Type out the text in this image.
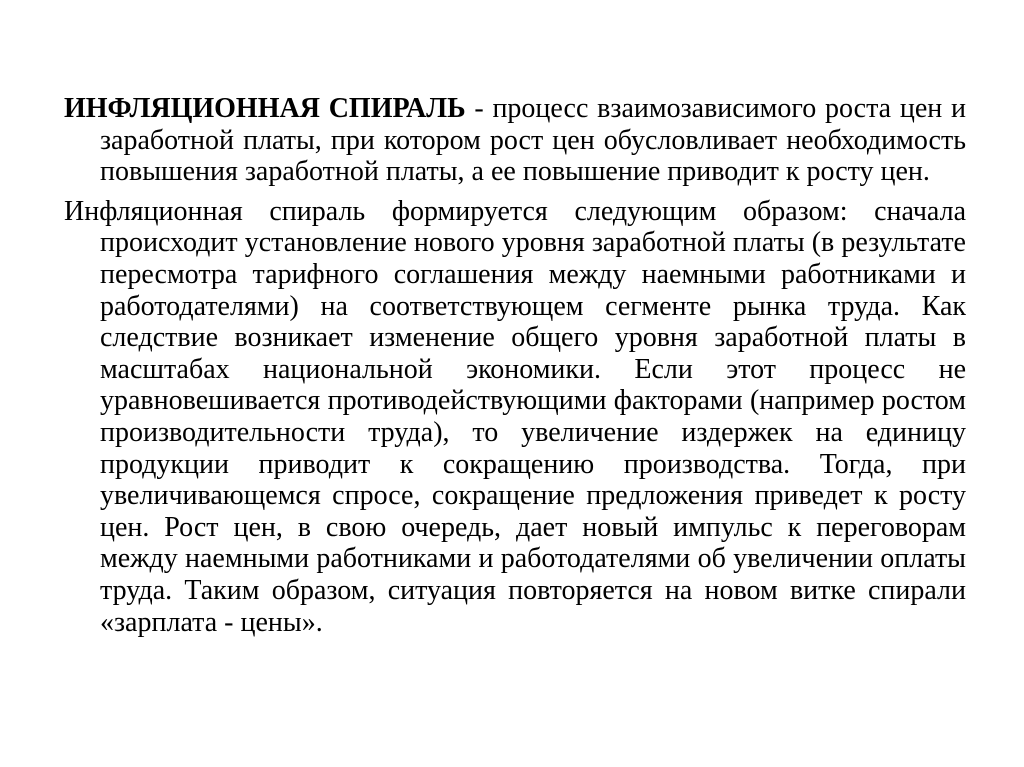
ИНФЛЯЦИОННАЯ СПИРАЛЬ - процесс взаимозависимого роста цен и заработной платы, при котором рост цен обусловливает необходимость повышения заработной платы, а ее повышение приводит к росту цен.

Инфляционная спираль формируется следующим образом: сначала происходит установление нового уровня заработной платы (в результате пересмотра тарифного соглашения между наемными работниками и работодателями) на соответствующем сегменте рынка труда. Как следствие возникает изменение общего уровня заработной платы в масштабах национальной экономики. Если этот процесс не уравновешивается противодействующими факторами (например ростом производительности труда), то увеличение издержек на единицу продукции приводит к сокращению производства. Тогда, при увеличивающемся спросе, сокращение предложения приведет к росту цен. Рост цен, в свою очередь, дает новый импульс к переговорам между наемными работниками и работодателями об увеличении оплаты труда. Таким образом, ситуация повторяется на новом витке спирали «зарплата - цены».
